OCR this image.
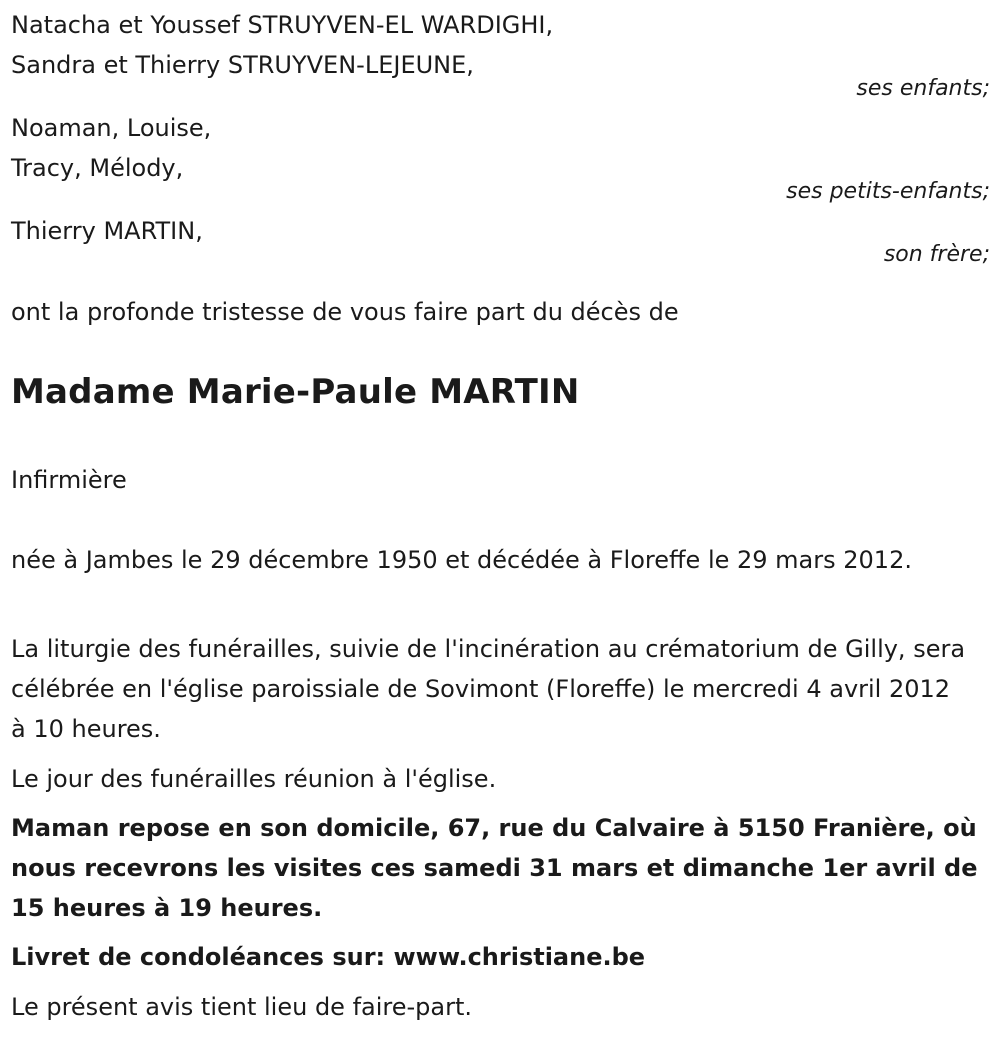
Natacha et Youssef STRUYVEN-EL WARDIGHI,
Sandra et Thierry STRUYVEN-LEJEUNE,
ses enfants;
Noaman, Louise,
Tracy, Mélody,
ses petits-enfants;
Thierry MARTIN,
son frère;
ont la profonde tristesse de vous faire part du décès de
Madame Marie-Paule MARTIN
Infirmière
née à Jambes le 29 décembre 1950 et décédée à Floreffe le 29 mars 2012.
La liturgie des funérailles, suivie de l'incinération au crématorium de Gilly, sera célébrée en l'église paroissiale de Sovimont (Floreffe) le mercredi 4 avril 2012 à 10 heures.
Le jour des funérailles réunion à l'église.
Maman repose en son domicile, 67, rue du Calvaire à 5150 Franière, où nous recevrons les visites ces samedi 31 mars et dimanche 1er avril de 15 heures à 19 heures.
Livret de condoléances sur: www.christiane.be
Le présent avis tient lieu de faire-part.
